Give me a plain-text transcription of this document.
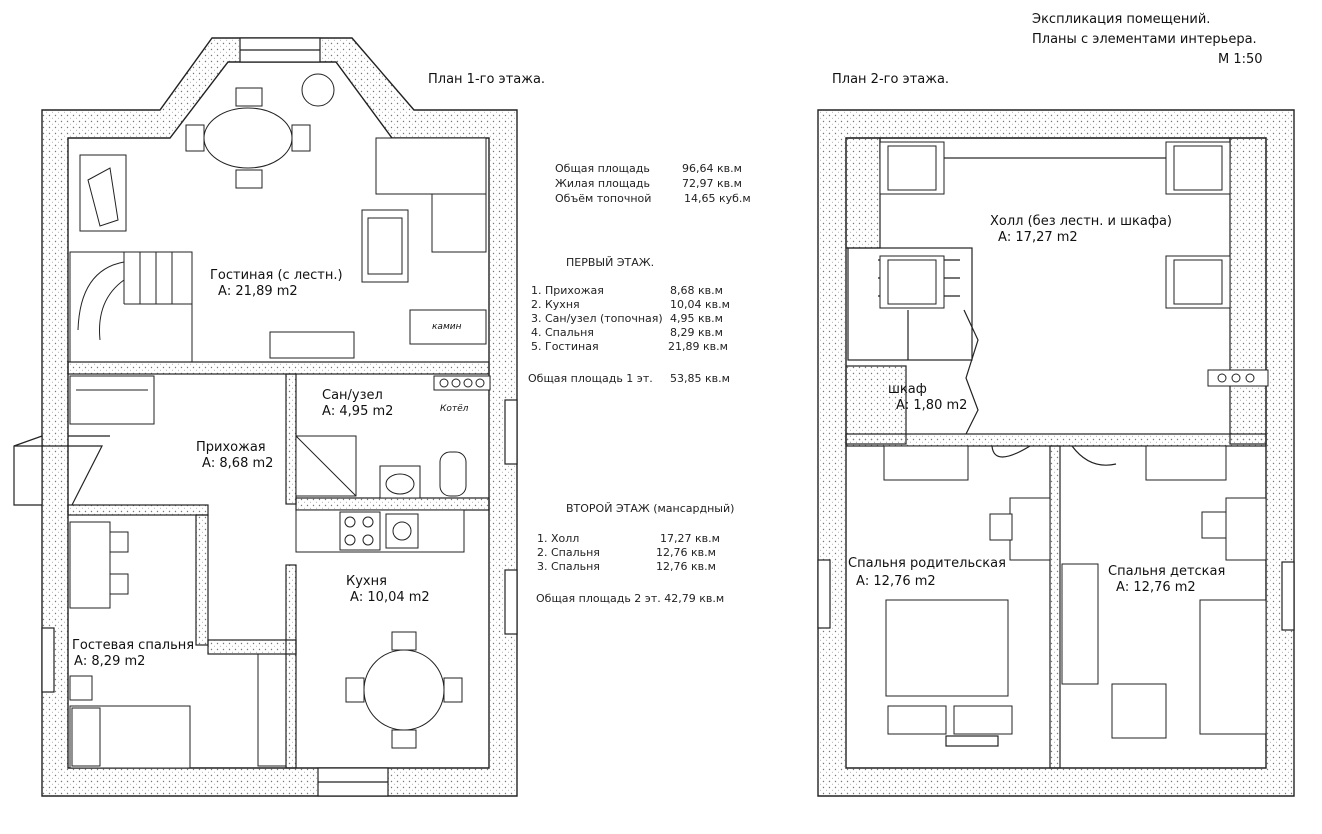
Экспликация помещений.
Планы с элементами интерьера.
М 1:50
План 1-го этажа.	План 2-го этажа.
Гостиная (с лестн.)
А: 21,89 m2
Сан/узел
А: 4,95 m2
Прихожая
А: 8,68 m2
Кухня
А: 10,04 m2
Гостевая спальня
А: 8,29 m2
камин
Котёл
Холл (без лестн. и шкафа)
А: 17,27 m2
шкаф
А: 1,80 m2
Спальня родительская
А: 12,76 m2
Спальня детская
А: 12,76 m2
Общая площадь	96,64 кв.м
Жилая площадь	72,97 кв.м
Объём топочной	14,65 куб.м
ПЕРВЫЙ ЭТАЖ.
1. Прихожая	8,68 кв.м
2. Кухня	10,04 кв.м
3. Сан/узел (топочная) 4,95 кв.м
4. Спальня	8,29 кв.м
5. Гостиная	21,89 кв.м
Общая площадь 1 эт. 53,85 кв.м
ВТОРОЙ ЭТАЖ (мансардный)
1. Холл	17,27 кв.м
2. Спальня	12,76 кв.м
3. Спальня	12,76 кв.м
Общая площадь 2 эт. 42,79 кв.м
